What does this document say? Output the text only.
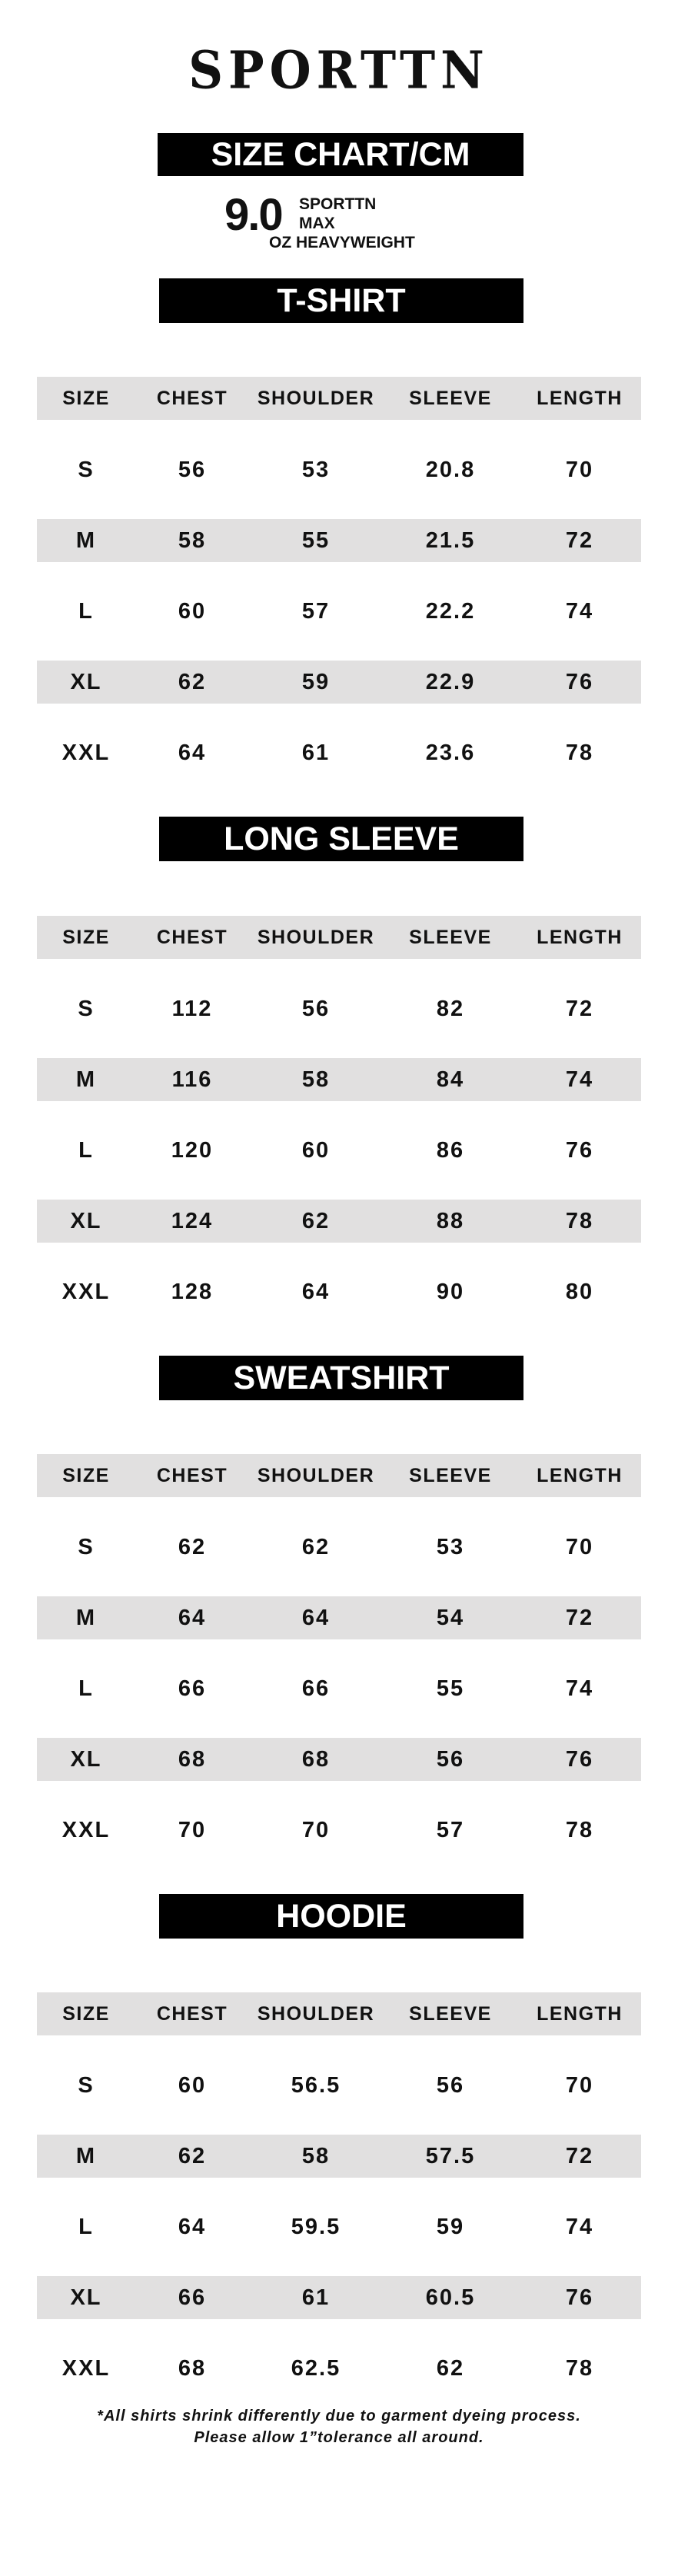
SPORTTN
SIZE CHART/CM
9.0 SPORTTN
MAX
OZ HEAVYWEIGHT
T-SHIRT
SIZE	CHEST	SHOULDER	SLEEVE	LENGTH
S	56	53	20.8	70
M	58	55	21.5	72
L	60	57	22.2	74
XL	62	59	22.9	76
XXL	64	61	23.6	78
LONG SLEEVE
SIZE	CHEST	SHOULDER	SLEEVE	LENGTH
S	112	56	82	72
M	116	58	84	74
L	120	60	86	76
XL	124	62	88	78
XXL	128	64	90	80
SWEATSHIRT
SIZE	CHEST	SHOULDER	SLEEVE	LENGTH
S	62	62	53	70
M	64	64	54	72
L	66	66	55	74
XL	68	68	56	76
XXL	70	70	57	78
HOODIE
SIZE	CHEST	SHOULDER	SLEEVE	LENGTH
S	60	56.5	56	70
M	62	58	57.5	72
L	64	59.5	59	74
XL	66	61	60.5	76
XXL	68	62.5	62	78
*All shirts shrink differently due to garment dyeing process.
Please allow 1”tolerance all around.
